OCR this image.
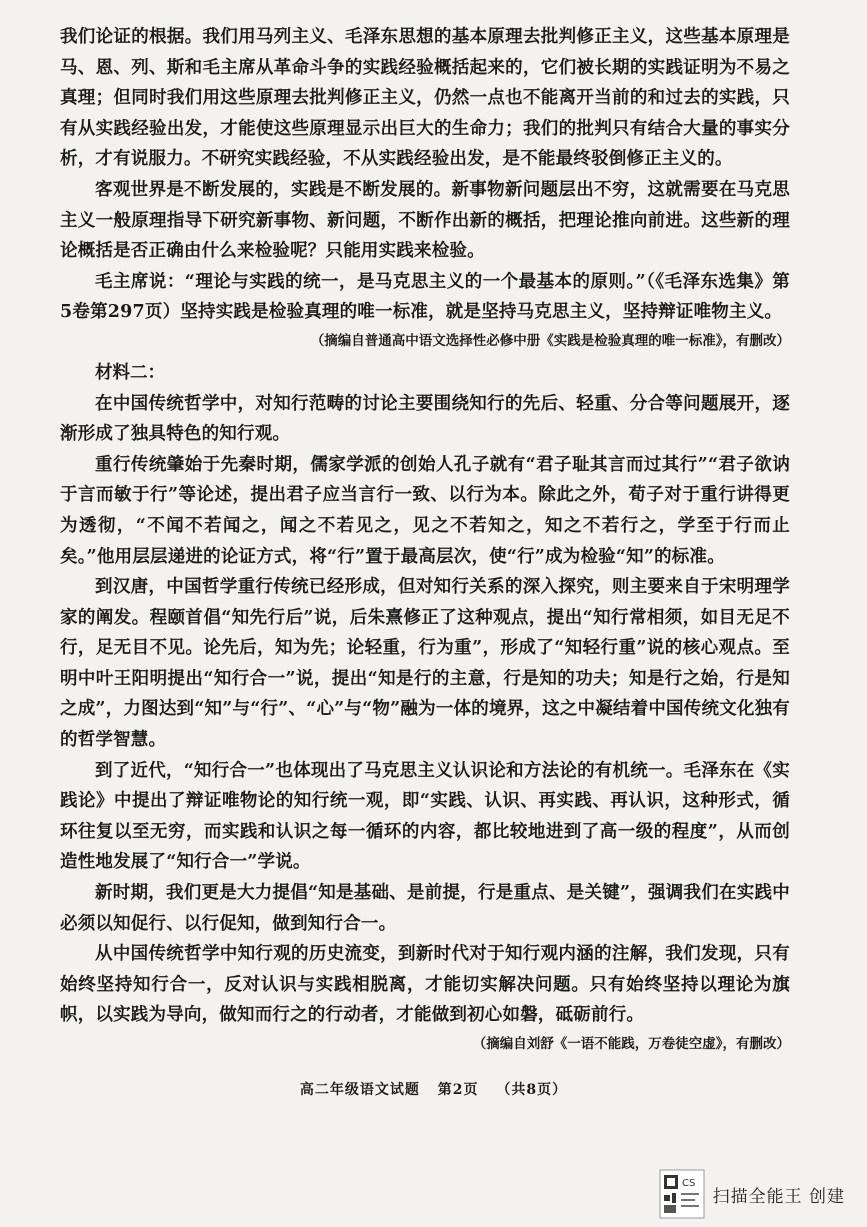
我们论证的根据。我们用马列主义、毛泽东思想的基本原理去批判修正主义，这些基本原理是马、恩、列、斯和毛主席从革命斗争的实践经验概括起来的，它们被长期的实践证明为不易之真理；但同时我们用这些原理去批判修正主义，仍然一点也不能离开当前的和过去的实践，只有从实践经验出发，才能使这些原理显示出巨大的生命力；我们的批判只有结合大量的事实分析，才有说服力。不研究实践经验，不从实践经验出发，是不能最终驳倒修正主义的。

客观世界是不断发展的，实践是不断发展的。新事物新问题层出不穷，这就需要在马克思主义一般原理指导下研究新事物、新问题，不断作出新的概括，把理论推向前进。这些新的理论概括是否正确由什么来检验呢？只能用实践来检验。

毛主席说：“理论与实践的统一，是马克思主义的一个最基本的原则。”（《毛泽东选集》第5卷第297页）坚持实践是检验真理的唯一标准，就是坚持马克思主义，坚持辩证唯物主义。

（摘编自普通高中语文选择性必修中册《实践是检验真理的唯一标准》，有删改）

材料二：

在中国传统哲学中，对知行范畴的讨论主要围绕知行的先后、轻重、分合等问题展开，逐渐形成了独具特色的知行观。

重行传统肇始于先秦时期，儒家学派的创始人孔子就有“君子耻其言而过其行”“君子欲讷于言而敏于行”等论述，提出君子应当言行一致、以行为本。除此之外，荀子对于重行讲得更为透彻，“不闻不若闻之，闻之不若见之，见之不若知之，知之不若行之，学至于行而止矣。”他用层层递进的论证方式，将“行”置于最高层次，使“行”成为检验“知”的标准。

到汉唐，中国哲学重行传统已经形成，但对知行关系的深入探究，则主要来自于宋明理学家的阐发。程颐首倡“知先行后”说，后朱熹修正了这种观点，提出“知行常相须，如目无足不行，足无目不见。论先后，知为先；论轻重，行为重”，形成了“知轻行重”说的核心观点。至明中叶王阳明提出“知行合一”说，提出“知是行的主意，行是知的功夫；知是行之始，行是知之成”，力图达到“知”与“行”、“心”与“物”融为一体的境界，这之中凝结着中国传统文化独有的哲学智慧。

到了近代，“知行合一”也体现出了马克思主义认识论和方法论的有机统一。毛泽东在《实践论》中提出了辩证唯物论的知行统一观，即“实践、认识、再实践、再认识，这种形式，循环往复以至无穷，而实践和认识之每一循环的内容，都比较地进到了高一级的程度”，从而创造性地发展了“知行合一”学说。

新时期，我们更是大力提倡“知是基础、是前提，行是重点、是关键”，强调我们在实践中必须以知促行、以行促知，做到知行合一。

从中国传统哲学中知行观的历史流变，到新时代对于知行观内涵的注解，我们发现，只有始终坚持知行合一，反对认识与实践相脱离，才能切实解决问题。只有始终坚持以理论为旗帜，以实践为导向，做知而行之的行动者，才能做到初心如磐，砥砺前行。

（摘编自刘舒《一语不能践，万卷徒空虚》，有删改）

高二年级语文试题 第2页 （共8页）
CS
扫描全能王 创建
